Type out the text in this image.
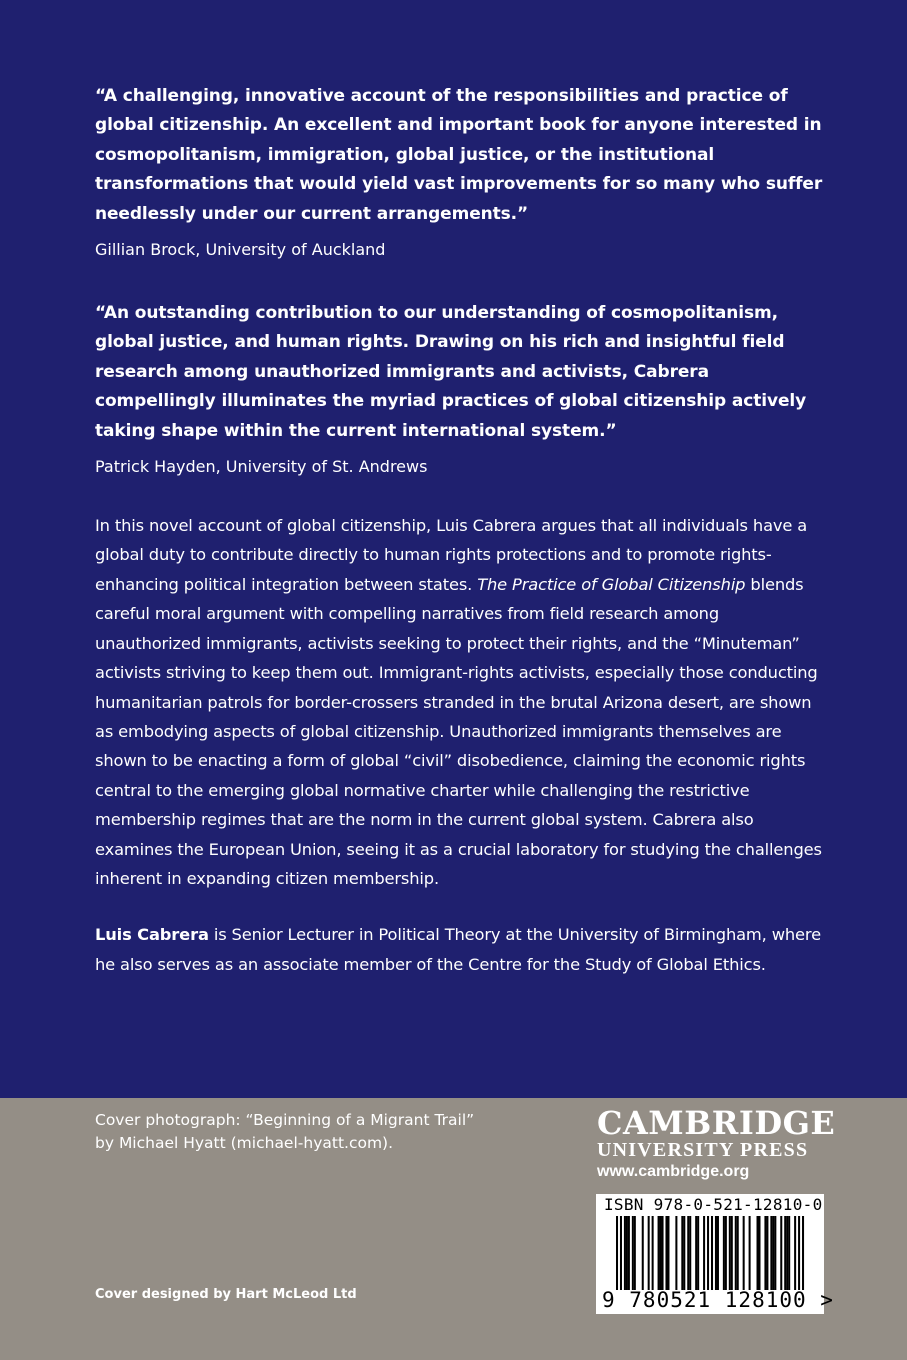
“A challenging, innovative account of the responsibilities and practice of global citizenship. An excellent and important book for anyone interested in cosmopolitanism, immigration, global justice, or the institutional transformations that would yield vast improvements for so many who suffer needlessly under our current arrangements.”

Gillian Brock, University of Auckland

“An outstanding contribution to our understanding of cosmopolitanism, global justice, and human rights. Drawing on his rich and insightful field research among unauthorized immigrants and activists, Cabrera compellingly illuminates the myriad practices of global citizenship actively taking shape within the current international system.”

Patrick Hayden, University of St. Andrews

In this novel account of global citizenship, Luis Cabrera argues that all individuals have a global duty to contribute directly to human rights protections and to promote rights-enhancing political integration between states. The Practice of Global Citizenship blends careful moral argument with compelling narratives from field research among unauthorized immigrants, activists seeking to protect their rights, and the “Minuteman” activists striving to keep them out. Immigrant-rights activists, especially those conducting humanitarian patrols for border-crossers stranded in the brutal Arizona desert, are shown as embodying aspects of global citizenship. Unauthorized immigrants themselves are shown to be enacting a form of global “civil” disobedience, claiming the economic rights central to the emerging global normative charter while challenging the restrictive membership regimes that are the norm in the current global system. Cabrera also examines the European Union, seeing it as a crucial laboratory for studying the challenges inherent in expanding citizen membership.

Luis Cabrera is Senior Lecturer in Political Theory at the University of Birmingham, where he also serves as an associate member of the Centre for the Study of Global Ethics.

Cover photograph: “Beginning of a Migrant Trail”
by Michael Hyatt (michael-hyatt.com).
Cover designed by Hart McLeod Ltd
CAMBRIDGE
UNIVERSITY PRESS
www.cambridge.org
ISBN 978-0-521-12810-0
9 780521 128100 >
